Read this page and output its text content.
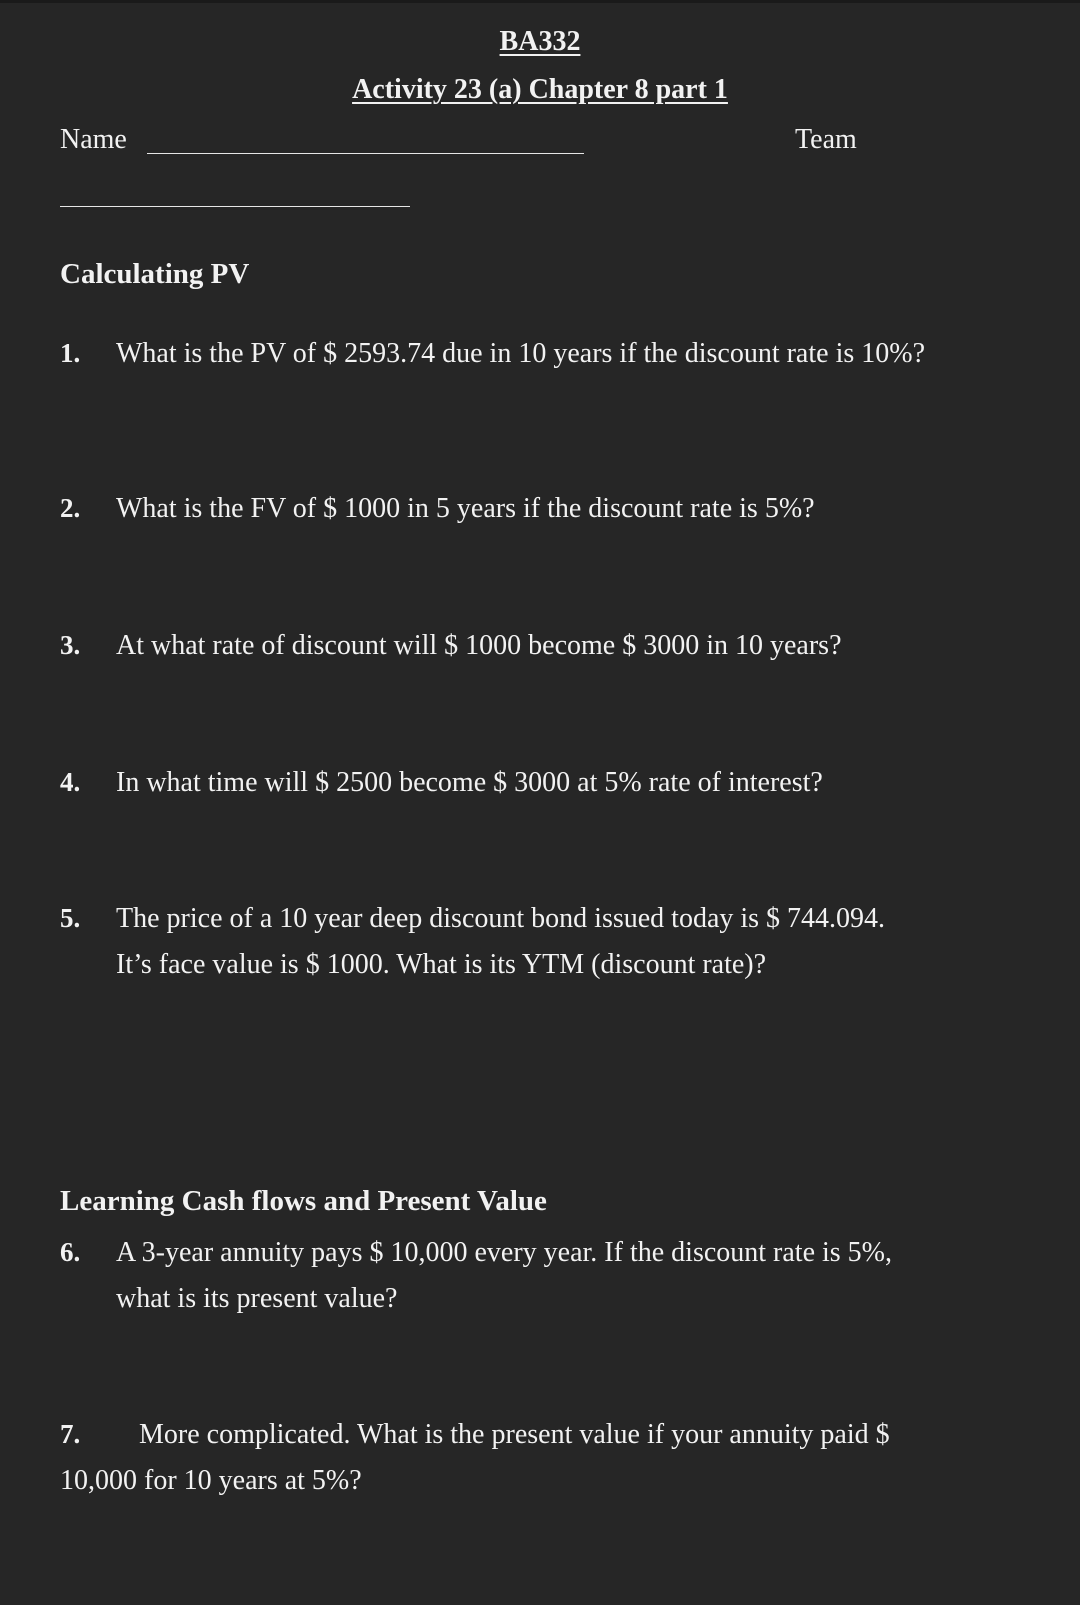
BA332
Activity 23 (a) Chapter 8 part 1
Name	Team
Calculating PV
1. What is the PV of $ 2593.74 due in 10 years if the discount rate is 10%?
2. What is the FV of $ 1000 in 5 years if the discount rate is 5%?
3. At what rate of discount will $ 1000 become $ 3000 in 10 years?
4. In what time will $ 2500 become $ 3000 at 5% rate of interest?
5. The price of a 10 year deep discount bond issued today is $ 744.094.
It’s face value is $ 1000. What is its YTM (discount rate)?
Learning Cash flows and Present Value
6. A 3-year annuity pays $ 10,000 every year. If the discount rate is 5%,
what is its present value?
7. More complicated. What is the present value if your annuity paid $
10,000 for 10 years at 5%?
